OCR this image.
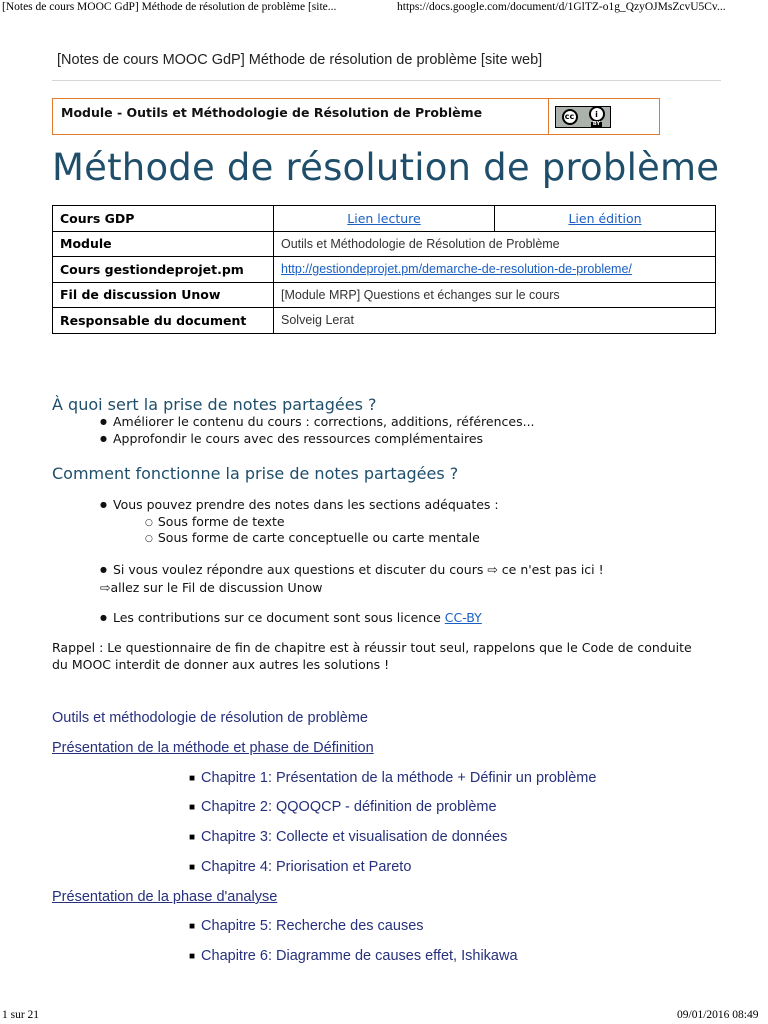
[Notes de cours MOOC GdP] Méthode de résolution de problème [site...	https://docs.google.com/document/d/1GlTZ-o1g_QzyOJMsZcvU5Cv...
[Notes de cours MOOC GdP] Méthode de résolution de problème [site web]
Module - Outils et Méthodologie de Résolution de Problème	cc	i
BY
Méthode de résolution de problème
Cours GDP	Lien lecture	Lien édition
Module	Outils et Méthodologie de Résolution de Problème	
Cours gestiondeprojet.pm	http://gestiondeprojet.pm/demarche-de-resolution-de-probleme/	
Fil de discussion Unow	[Module MRP] Questions et échanges sur le cours	
Responsable du document	Solveig Lerat	
À quoi sert la prise de notes partagées ?
● Améliorer le contenu du cours : corrections, additions, références...
● Approfondir le cours avec des ressources complémentaires
Comment fonctionne la prise de notes partagées ?
● Vous pouvez prendre des notes dans les sections adéquates :
○ Sous forme de texte
○ Sous forme de carte conceptuelle ou carte mentale
● Si vous voulez répondre aux questions et discuter du cours ⇨ ce n'est pas ici !
⇨allez sur le Fil de discussion Unow
● Les contributions sur ce document sont sous licence CC-BY
Rappel : Le questionnaire de fin de chapitre est à réussir tout seul, rappelons que le Code de conduite
du MOOC interdit de donner aux autres les solutions !
Outils et méthodologie de résolution de problème
Présentation de la méthode et phase de Définition
■ Chapitre 1: Présentation de la méthode + Définir un problème
■ Chapitre 2: QQOQCP - définition de problème
■ Chapitre 3: Collecte et visualisation de données
■ Chapitre 4: Priorisation et Pareto
Présentation de la phase d'analyse
■ Chapitre 5: Recherche des causes
■ Chapitre 6: Diagramme de causes effet, Ishikawa
1 sur 21	09/01/2016 08:49
